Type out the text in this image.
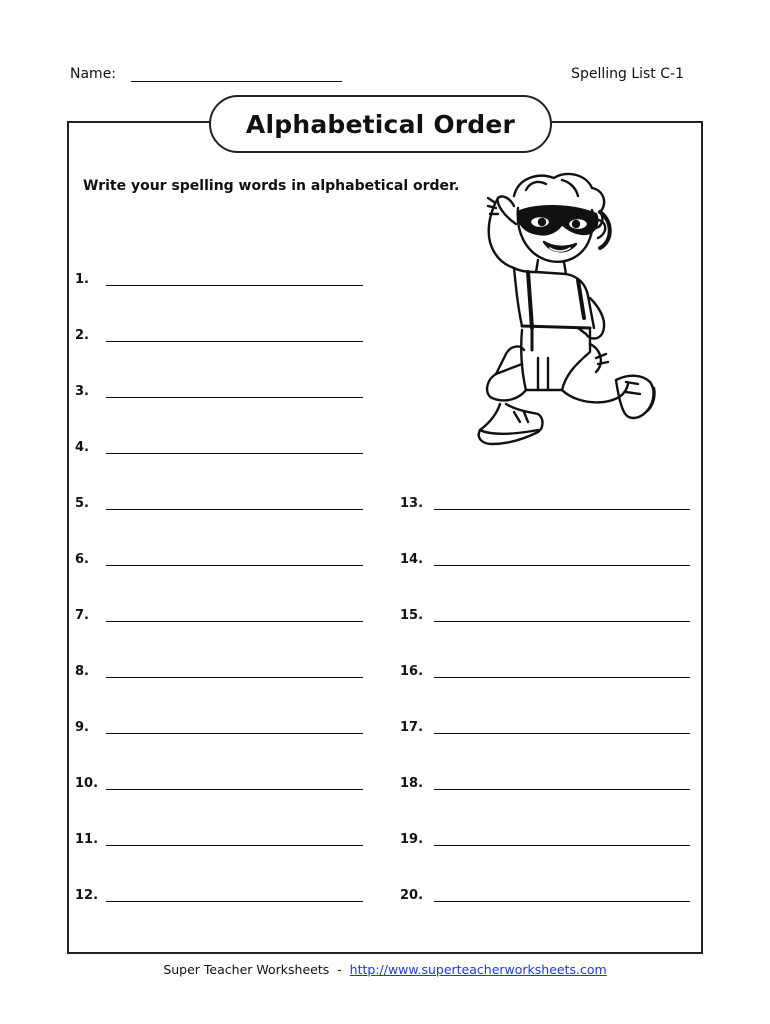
Name:	Spelling List C-1
Alphabetical Order
Write your spelling words in alphabetical order.
1.
2.
3.
4.
5.
6.
7.
8.
9.
10.
11.
12.
13.
14.
15.
16.
17.
18.
19.
20.
Super Teacher Worksheets  -  http://www.superteacherworksheets.com
